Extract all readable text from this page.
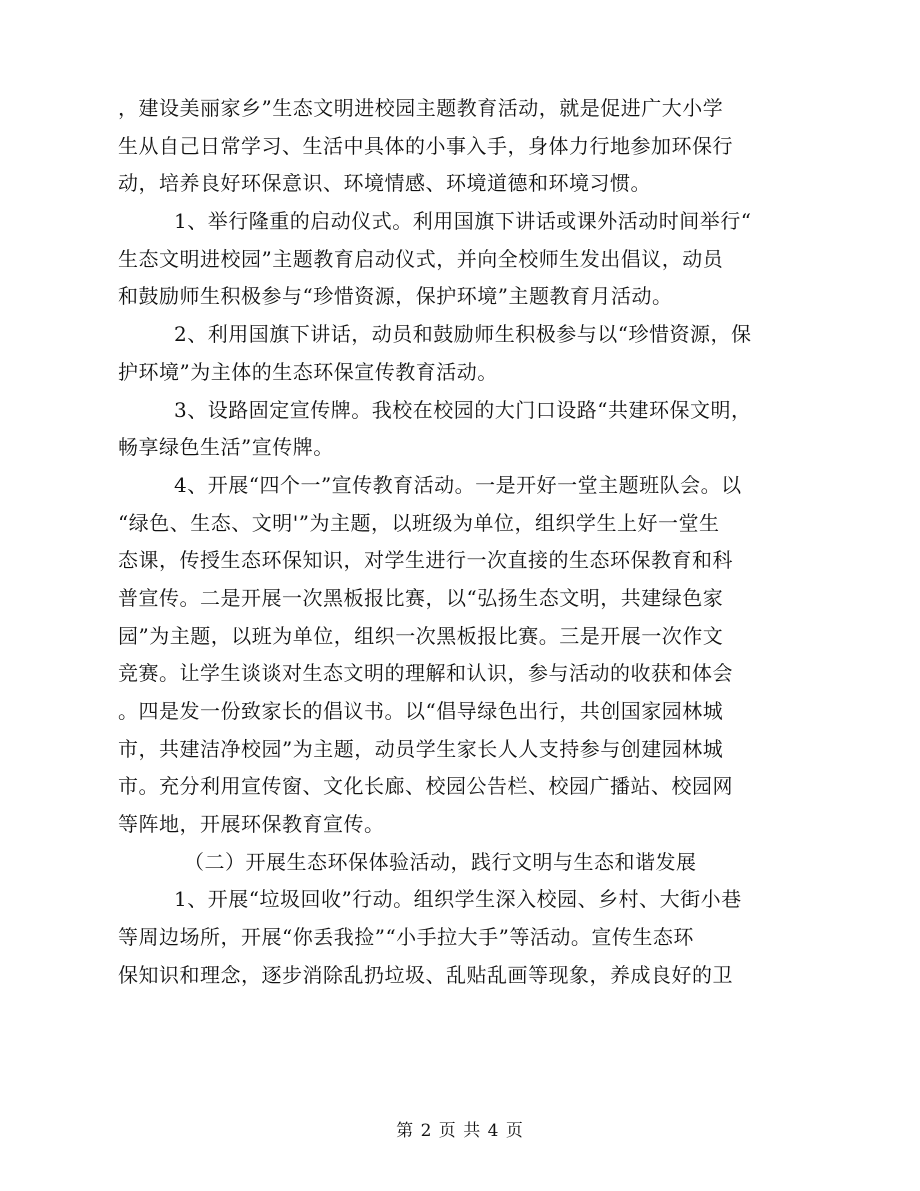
，建设美丽家乡”生态文明进校园主题教育活动，就是促进广大小学
生从自己日常学习、生活中具体的小事入手，身体力行地参加环保行
动，培养良好环保意识、环境情感、环境道德和环境习惯。
1、举行隆重的启动仪式。利用国旗下讲话或课外活动时间举行“
生态文明进校园”主题教育启动仪式，并向全校师生发出倡议，动员
和鼓励师生积极参与“珍惜资源，保护环境”主题教育月活动。
2、利用国旗下讲话，动员和鼓励师生积极参与以“珍惜资源，保
护环境”为主体的生态环保宣传教育活动。
3、设路固定宣传牌。我校在校园的大门口设路“共建环保文明，
畅享绿色生活”宣传牌。
4、开展“四个一”宣传教育活动。一是开好一堂主题班队会。以
“绿色、生态、文明'”为主题，以班级为单位，组织学生上好一堂生
态课，传授生态环保知识，对学生进行一次直接的生态环保教育和科
普宣传。二是开展一次黑板报比赛，以“弘扬生态文明，共建绿色家
园”为主题，以班为单位，组织一次黑板报比赛。三是开展一次作文
竞赛。让学生谈谈对生态文明的理解和认识，参与活动的收获和体会
。四是发一份致家长的倡议书。以“倡导绿色出行，共创国家园林城
市，共建洁净校园”为主题，动员学生家长人人支持参与创建园林城
市。充分利用宣传窗、文化长廊、校园公告栏、校园广播站、校园网
等阵地，开展环保教育宣传。
（二）开展生态环保体验活动，践行文明与生态和谐发展
1、开展“垃圾回收”行动。组织学生深入校园、乡村、大街小巷
等周边场所，开展“你丢我捡”“小手拉大手”等活动。宣传生态环
保知识和理念，逐步消除乱扔垃圾、乱贴乱画等现象，养成良好的卫
第 2 页 共 4 页
